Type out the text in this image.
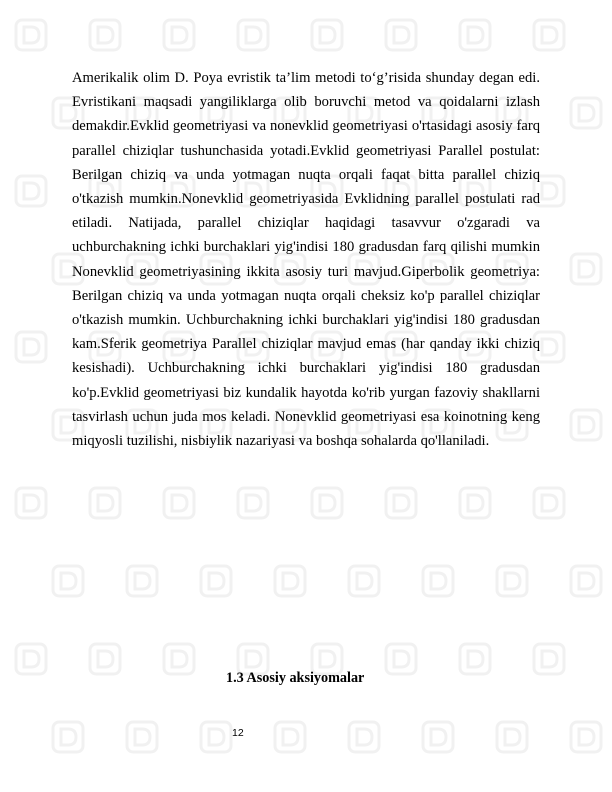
Amerikalik olim D. Poya evristik ta’lim metodi to‘g’risida shunday degan edi. Evristikani maqsadi yangiliklarga olib boruvchi metod va qoidalarni izlash demakdir.Evklid geometriyasi va nonevklid geometriyasi o'rtasidagi asosiy farq parallel chiziqlar tushunchasida yotadi.Evklid geometriyasi Parallel postulat: Berilgan chiziq va unda yotmagan nuqta orqali faqat bitta parallel chiziq o'tkazish mumkin.Nonevklid geometriyasida Evklidning parallel postulati rad etiladi. Natijada, parallel chiziqlar haqidagi tasavvur o'zgaradi va uchburchakning ichki burchaklari yig'indisi 180 gradusdan farq qilishi mumkin Nonevklid geometriyasining ikkita asosiy turi mavjud.Giperbolik geometriya: Berilgan chiziq va unda yotmagan nuqta orqali cheksiz ko'p parallel chiziqlar o'tkazish mumkin. Uchburchakning ichki burchaklari yig'indisi 180 gradusdan kam.Sferik geometriya Parallel chiziqlar mavjud emas (har qanday ikki chiziq kesishadi). Uchburchakning ichki burchaklari yig'indisi 180 gradusdan ko'p.Evklid geometriyasi biz kundalik hayotda ko'rib yurgan fazoviy shakllarni tasvirlash uchun juda mos keladi. Nonevklid geometriyasi esa koinotning keng miqyosli tuzilishi, nisbiylik nazariyasi va boshqa sohalarda qo'llaniladi.

1.3 Asosiy aksiyomalar

12
